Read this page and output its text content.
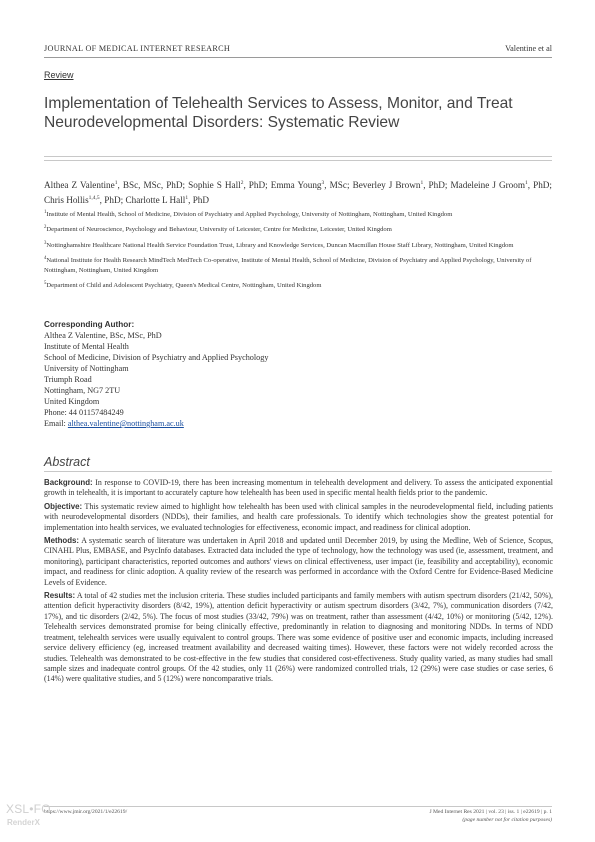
JOURNAL OF MEDICAL INTERNET RESEARCH	Valentine et al
Review
Implementation of Telehealth Services to Assess, Monitor, and Treat Neurodevelopmental Disorders: Systematic Review
Althea Z Valentine$^1$, BSc, MSc, PhD; Sophie S Hall$^2$, PhD; Emma Young$^3$, MSc; Beverley J Brown$^1$, PhD; Madeleine J Groom$^1$, PhD; Chris Hollis$^{1,4,5}$, PhD; Charlotte L Hall$^1$, PhD
$^1$Institute of Mental Health, School of Medicine, Division of Psychiatry and Applied Psychology, University of Nottingham, Nottingham, United Kingdom
$^2$Department of Neuroscience, Psychology and Behaviour, University of Leicester, Centre for Medicine, Leicester, United Kingdom
$^3$Nottinghamshire Healthcare National Health Service Foundation Trust, Library and Knowledge Services, Duncan Macmillan House Staff Library, Nottingham, United Kingdom
$^4$National Institute for Health Research MindTech MedTech Co-operative, Institute of Mental Health, School of Medicine, Division of Psychiatry and Applied Psychology, University of Nottingham, Nottingham, United Kingdom
$^5$Department of Child and Adolescent Psychiatry, Queen's Medical Centre, Nottingham, United Kingdom
Corresponding Author:
Althea Z Valentine, BSc, MSc, PhD
Institute of Mental Health
School of Medicine, Division of Psychiatry and Applied Psychology
University of Nottingham
Triumph Road
Nottingham, NG7 2TU
United Kingdom
Phone: 44 01157484249
Email: althea.valentine@nottingham.ac.uk
Abstract
Background: In response to COVID-19, there has been increasing momentum in telehealth development and delivery. To assess the anticipated exponential growth in telehealth, it is important to accurately capture how telehealth has been used in specific mental health fields prior to the pandemic.
Objective: This systematic review aimed to highlight how telehealth has been used with clinical samples in the neurodevelopmental field, including patients with neurodevelopmental disorders (NDDs), their families, and health care professionals. To identify which technologies show the greatest potential for implementation into health services, we evaluated technologies for effectiveness, economic impact, and readiness for clinical adoption.
Methods: A systematic search of literature was undertaken in April 2018 and updated until December 2019, by using the Medline, Web of Science, Scopus, CINAHL Plus, EMBASE, and PsycInfo databases. Extracted data included the type of technology, how the technology was used (ie, assessment, treatment, and monitoring), participant characteristics, reported outcomes and authors' views on clinical effectiveness, user impact (ie, feasibility and acceptability), economic impact, and readiness for clinic adoption. A quality review of the research was performed in accordance with the Oxford Centre for Evidence-Based Medicine Levels of Evidence.
Results: A total of 42 studies met the inclusion criteria. These studies included participants and family members with autism spectrum disorders (21/42, 50%), attention deficit hyperactivity disorders (8/42, 19%), attention deficit hyperactivity or autism spectrum disorders (3/42, 7%), communication disorders (7/42, 17%), and tic disorders (2/42, 5%). The focus of most studies (33/42, 79%) was on treatment, rather than assessment (4/42, 10%) or monitoring (5/42, 12%). Telehealth services demonstrated promise for being clinically effective, predominantly in relation to diagnosing and monitoring NDDs. In terms of NDD treatment, telehealth services were usually equivalent to control groups. There was some evidence of positive user and economic impacts, including increased service delivery efficiency (eg, increased treatment availability and decreased waiting times). However, these factors were not widely recorded across the studies. Telehealth was demonstrated to be cost-effective in the few studies that considered cost-effectiveness. Study quality varied, as many studies had small sample sizes and inadequate control groups. Of the 42 studies, only 11 (26%) were randomized controlled trials, 12 (29%) were case studies or case series, 6 (14%) were qualitative studies, and 5 (12%) were noncomparative trials.
https://www.jmir.org/2021/1/e22619/	J Med Internet Res 2021 | vol. 23 | iss. 1 | e22619 | p. 1
(page number not for citation purposes)
XSL•FO
RenderX
